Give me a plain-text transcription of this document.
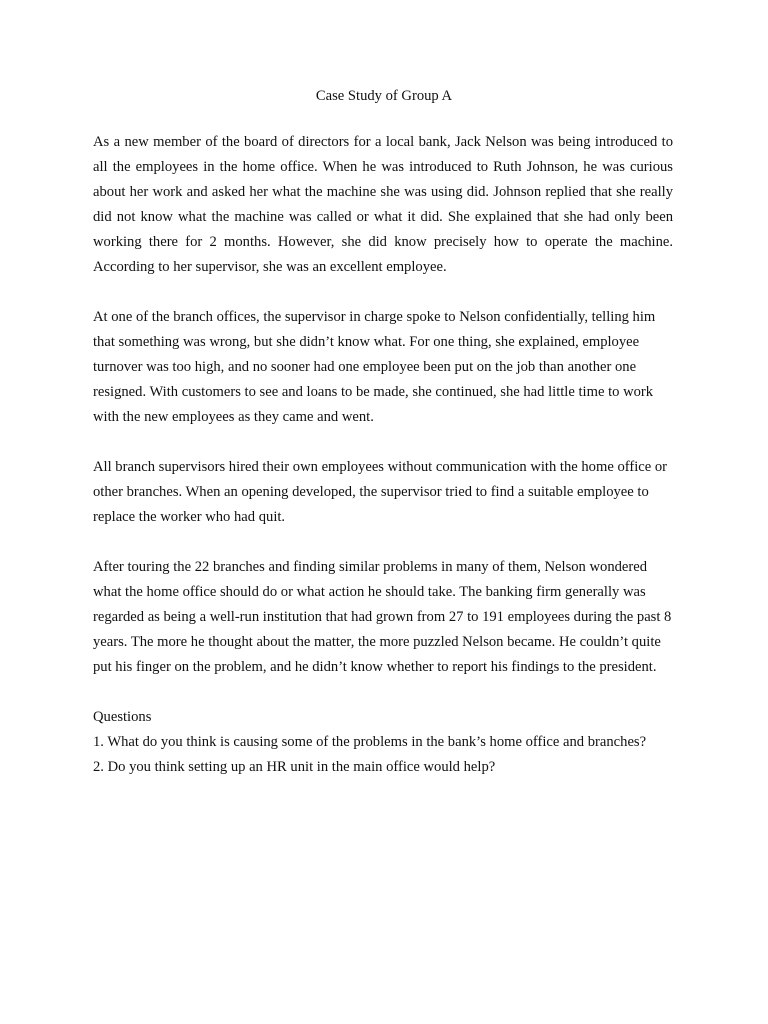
Case Study of Group A

As a new member of the board of directors for a local bank, Jack Nelson was being introduced to all the employees in the home office. When he was introduced to Ruth Johnson, he was curious about her work and asked her what the machine she was using did. Johnson replied that she really did not know what the machine was called or what it did. She explained that she had only been working there for 2 months. However, she did know precisely how to operate the machine. According to her supervisor, she was an excellent employee.

At one of the branch offices, the supervisor in charge spoke to Nelson confidentially, telling him that something was wrong, but she didn’t know what. For one thing, she explained, employee turnover was too high, and no sooner had one employee been put on the job than another one resigned. With customers to see and loans to be made, she continued, she had little time to work with the new employees as they came and went.

All branch supervisors hired their own employees without communication with the home office or other branches. When an opening developed, the supervisor tried to find a suitable employee to replace the worker who had quit.

After touring the 22 branches and finding similar problems in many of them, Nelson wondered what the home office should do or what action he should take. The banking firm generally was regarded as being a well-run institution that had grown from 27 to 191 employees during the past 8 years. The more he thought about the matter, the more puzzled Nelson became. He couldn’t quite put his finger on the problem, and he didn’t know whether to report his findings to the president.

Questions
1. What do you think is causing some of the problems in the bank’s home office and branches?
2. Do you think setting up an HR unit in the main office would help?
